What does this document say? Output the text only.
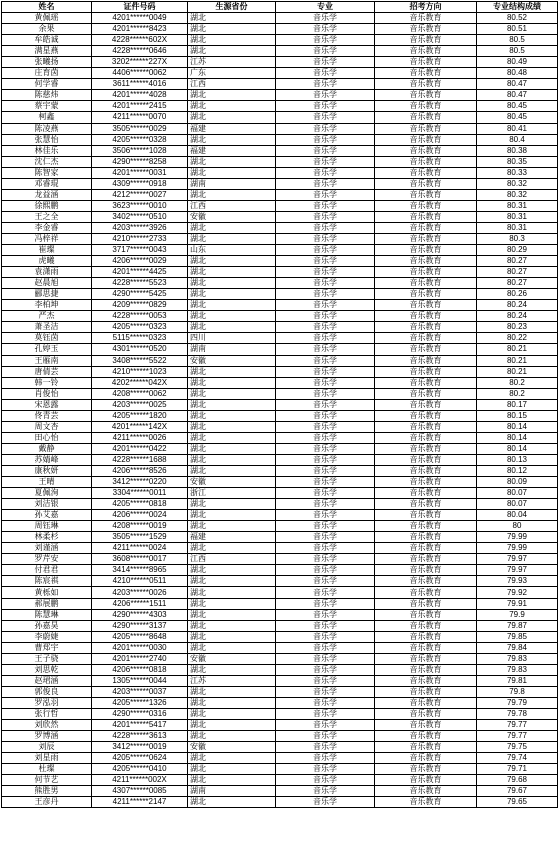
姓名	证件号码	生源省份	专业	招考方向	专业结构成绩
黄佩瑶	4201******0049	湖北	音乐学	音乐教育	80.52
余果	4201******8423	湖北	音乐学	音乐教育	80.51
牟皓诚	4228******602X	湖北	音乐学	音乐教育	80.5
满星燕	4228******0646	湖北	音乐学	音乐教育	80.5
张曦扬	3202******227X	江苏	音乐学	音乐教育	80.49
庄育茵	4406******0062	广东	音乐学	音乐教育	80.48
何学睿	3611******4016	江西	音乐学	音乐教育	80.47
陈慈炜	4201******4028	湖北	音乐学	音乐教育	80.47
蔡宇蒙	4201******2415	湖北	音乐学	音乐教育	80.45
柯鑫	4211******0070	湖北	音乐学	音乐教育	80.45
陈凌燕	3505******0029	福建	音乐学	音乐教育	80.41
张慧怡	4205******0328	湖北	音乐学	音乐教育	80.4
林佳乐	3506******1028	福建	音乐学	音乐教育	80.38
沈仁杰	4290******8258	湖北	音乐学	音乐教育	80.35
陈智家	4201******0031	湖北	音乐学	音乐教育	80.33
邓睿琨	4309******0918	湖南	音乐学	音乐教育	80.32
龙益涵	4212******0027	湖北	音乐学	音乐教育	80.32
徐熙鹏	3623******0010	江西	音乐学	音乐教育	80.31
王之全	3402******0510	安徽	音乐学	音乐教育	80.31
李金睿	4203******3926	湖北	音乐学	音乐教育	80.31
冯梓祥	4210******2733	湖北	音乐学	音乐教育	80.3
崔璨	3717******0043	山东	音乐学	音乐教育	80.29
虎曦	4206******0029	湖北	音乐学	音乐教育	80.27
袁潇雨	4201******4425	湖北	音乐学	音乐教育	80.27
赵晨旭	4228******5523	湖北	音乐学	音乐教育	80.27
郦思捷	4290******5425	湖北	音乐学	音乐教育	80.26
李柏坤	4209******0829	湖北	音乐学	音乐教育	80.24
严杰	4228******0053	湖北	音乐学	音乐教育	80.24
萧圣洁	4205******0323	湖北	音乐学	音乐教育	80.23
莫钰茵	5115******0323	四川	音乐学	音乐教育	80.22
孔婷玉	4301******0520	湖南	音乐学	音乐教育	80.21
王雁南	3408******5522	安徽	音乐学	音乐教育	80.21
唐倩芸	4210******1023	湖北	音乐学	音乐教育	80.21
韩一铃	4202******042X	湖北	音乐学	音乐教育	80.2
肖俊怡	4208******0062	湖北	音乐学	音乐教育	80.2
宋恩露	4203******0025	湖北	音乐学	音乐教育	80.17
佟青芸	4205******1820	湖北	音乐学	音乐教育	80.15
周文杏	4201******142X	湖北	音乐学	音乐教育	80.14
田心怡	4211******0026	湖北	音乐学	音乐教育	80.14
戴静	4201******0422	湖北	音乐学	音乐教育	80.14
苏婧峰	4228******1688	湖北	音乐学	音乐教育	80.13
康秋妍	4206******8526	湖北	音乐学	音乐教育	80.12
王晴	3412******0220	安徽	音乐学	音乐教育	80.09
夏佩洵	3304******0011	浙江	音乐学	音乐教育	80.07
刘洁银	4205******0818	湖北	音乐学	音乐教育	80.07
孙艾嘉	4206******0024	湖北	音乐学	音乐教育	80.04
周钰琳	4208******0019	湖北	音乐学	音乐教育	80
林柔杉	3505******1529	福建	音乐学	音乐教育	79.99
刘谨涵	4211******0024	湖北	音乐学	音乐教育	79.99
罗芹安	3608******0017	江西	音乐学	音乐教育	79.97
付君君	3414******8965	湖北	音乐学	音乐教育	79.97
陈宸祺	4210******0511	湖北	音乐学	音乐教育	79.93
黄栎如	4203******0026	湖北	音乐学	音乐教育	79.92
郝展鹏	4206******1511	湖北	音乐学	音乐教育	79.91
陈慧琳	4290******4303	湖北	音乐学	音乐教育	79.9
孙嘉昊	4290******3137	湖北	音乐学	音乐教育	79.87
李蔚婕	4205******8648	湖北	音乐学	音乐教育	79.85
曹郑宇	4201******0030	湖北	音乐学	音乐教育	79.84
王子骁	4201******2740	安徽	音乐学	音乐教育	79.83
刘思乾	4206******0818	湖北	音乐学	音乐教育	79.83
赵珺涵	1305******0044	江苏	音乐学	音乐教育	79.81
郭俊良	4203******0037	湖北	音乐学	音乐教育	79.8
罗泓羽	4205******1326	湖北	音乐学	音乐教育	79.79
张行哲	4290******0316	湖北	音乐学	音乐教育	79.78
刘欣然	4201******5417	湖北	音乐学	音乐教育	79.77
罗博涵	4228******3613	湖北	音乐学	音乐教育	79.77
刘辰	3412******0019	安徽	音乐学	音乐教育	79.75
刘星雨	4205******0624	湖北	音乐学	音乐教育	79.74
杜璨	4205******0410	湖北	音乐学	音乐教育	79.71
何节艺	4211******002X	湖北	音乐学	音乐教育	79.68
熊胜男	4307******0085	湖南	音乐学	音乐教育	79.67
王彦丹	4211******2147	湖北	音乐学	音乐教育	79.65
